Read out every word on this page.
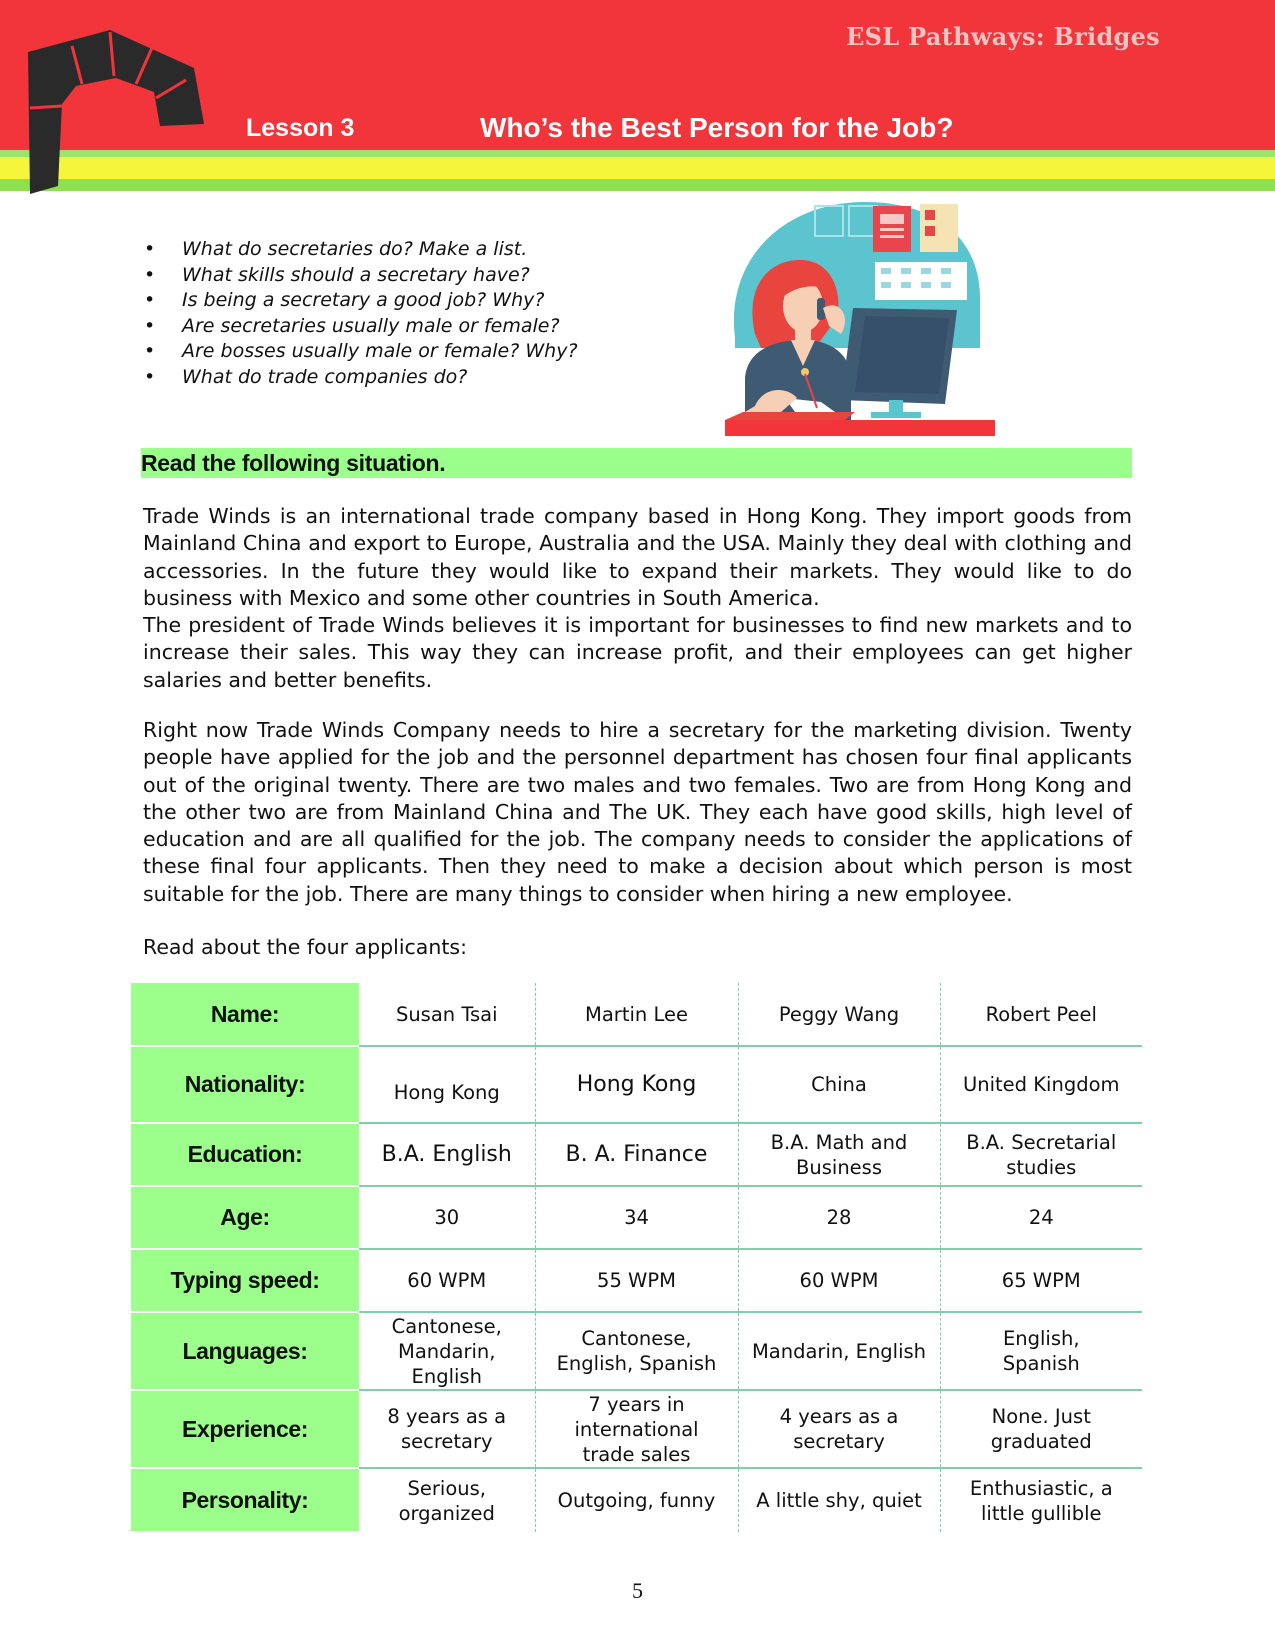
ESL Pathways: Bridges
Lesson 3	Who’s the Best Person for the Job?
• What do secretaries do? Make a list.
• What skills should a secretary have?
• Is being a secretary a good job? Why?
• Are secretaries usually male or female?
• Are bosses usually male or female? Why?
• What do trade companies do?
Read the following situation.
Trade Winds is an international trade company based in Hong Kong. They import goods from
Mainland China and export to Europe, Australia and the USA. Mainly they deal with clothing and
accessories. In the future they would like to expand their markets. They would like to do
business with Mexico and some other countries in South America.
The president of Trade Winds believes it is important for businesses to find new markets and to
increase their sales. This way they can increase profit, and their employees can get higher
salaries and better benefits.
Right now Trade Winds Company needs to hire a secretary for the marketing division. Twenty
people have applied for the job and the personnel department has chosen four final applicants
out of the original twenty. There are two males and two females. Two are from Hong Kong and
the other two are from Mainland China and The UK. They each have good skills, high level of
education and are all qualified for the job. The company needs to consider the applications of
these final four applicants. Then they need to make a decision about which person is most
suitable for the job. There are many things to consider when hiring a new employee.
Read about the four applicants:
Name:	Susan Tsai	Martin Lee	Peggy Wang	Robert Peel
Nationality:	Hong Kong	Hong Kong	China	United Kingdom
Education:	B.A. English	B. A. Finance	B.A. Math and Business	B.A. Secretarial studies
Age:	30	34	28	24
Typing speed:	60 WPM	55 WPM	60 WPM	65 WPM
Languages:	Cantonese, Mandarin, English	Cantonese, English, Spanish	Mandarin, English	English, Spanish
Experience:	8 years as a secretary	7 years in international trade sales	4 years as a secretary	None. Just graduated
Personality:	Serious, organized	Outgoing, funny	A little shy, quiet	Enthusiastic, a little gullible
5
